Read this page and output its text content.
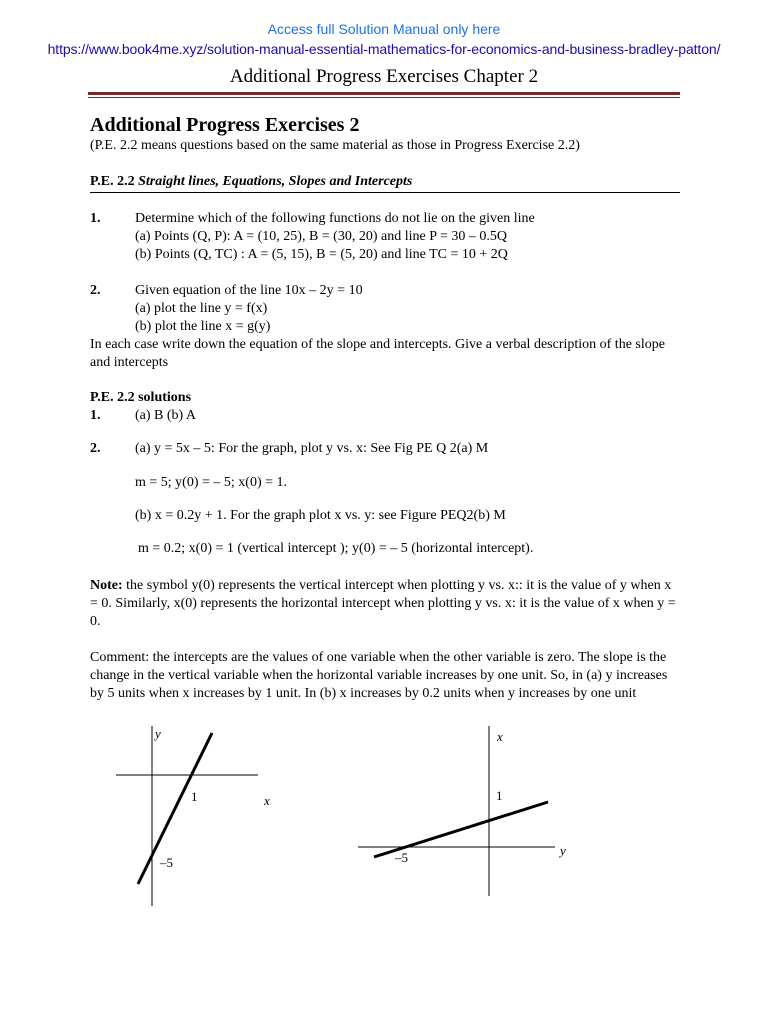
Access full Solution Manual only here
https://www.book4me.xyz/solution-manual-essential-mathematics-for-economics-and-business-bradley-patton/
Additional Progress Exercises Chapter 2
Additional Progress Exercises 2
(P.E. 2.2 means questions based on the same material as those in Progress Exercise 2.2)
P.E. 2.2 Straight lines, Equations, Slopes and Intercepts
1. Determine which of the following functions do not lie on the given line
(a) Points (Q, P): A = (10, 25), B = (30, 20) and line P = 30 – 0.5Q
(b) Points (Q, TC) : A = (5, 15), B = (5, 20) and line TC = 10 + 2Q
2. Given equation of the line 10x – 2y = 10
(a) plot the line y = f(x)
(b) plot the line x = g(y)
In each case write down the equation of the slope and intercepts. Give a verbal description of the slope and intercepts
P.E. 2.2 solutions
1. (a) B (b) A
2. (a) y = 5x – 5: For the graph, plot y vs. x: See Fig PE Q 2(a) M
m = 5; y(0) = – 5; x(0) = 1.
(b) x = 0.2y + 1. For the graph plot x vs. y: see Figure PEQ2(b) M
m = 0.2; x(0) = 1 (vertical intercept ); y(0) = – 5 (horizontal intercept).
Note: the symbol y(0) represents the vertical intercept when plotting y vs. x:: it is the value of y when x = 0. Similarly, x(0) represents the horizontal intercept when plotting y vs. x: it is the value of x when y = 0.
Comment: the intercepts are the values of one variable when the other variable is zero. The slope is the change in the vertical variable when the horizontal variable increases by one unit. So, in (a) y increases by 5 units when x increases by 1 unit. In (b) x increases by 0.2 units when y increases by one unit
y
x
1
–5
x
y
1
–5
